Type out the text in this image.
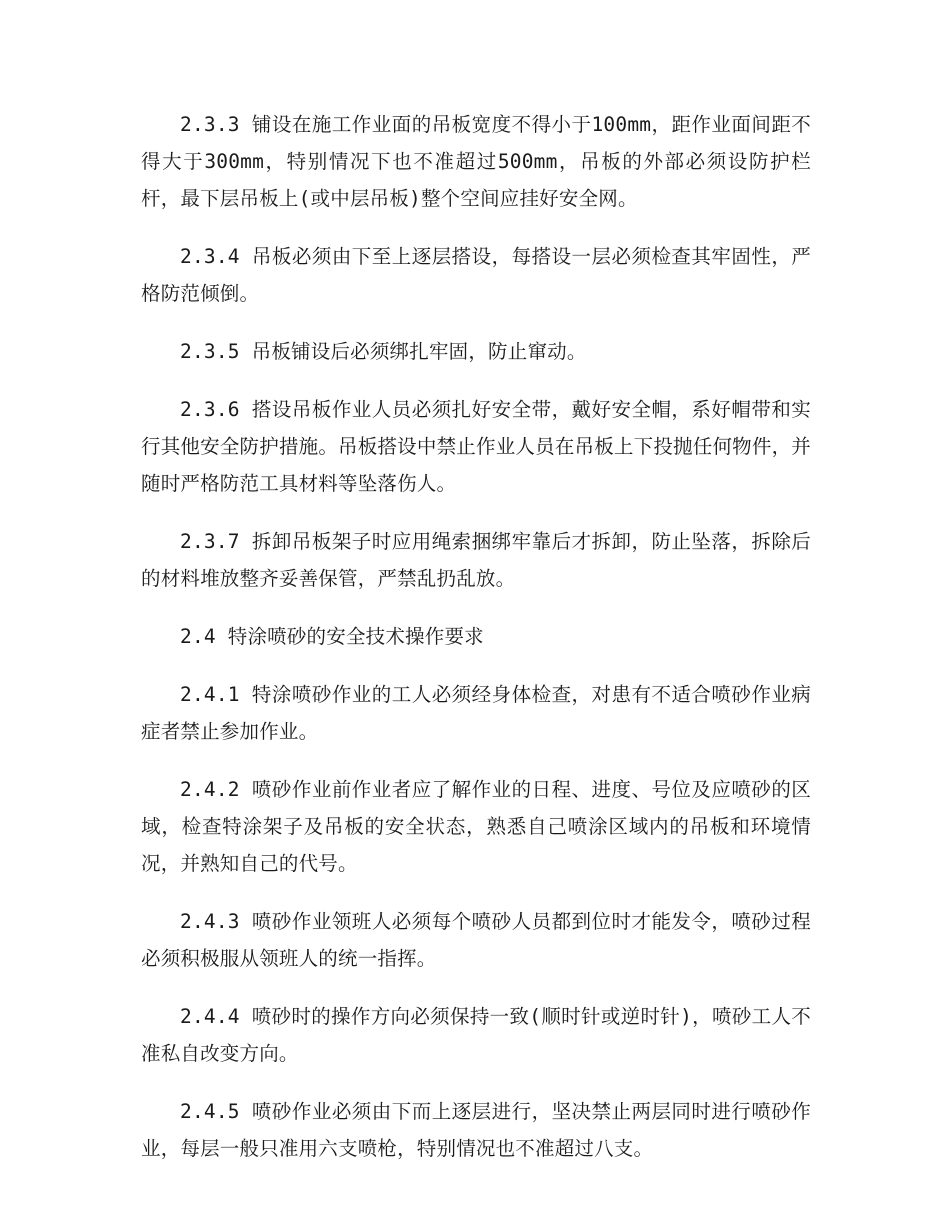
2.3.3 铺设在施工作业面的吊板宽度不得小于100mm，距作业面间距不得大于300mm，特别情况下也不准超过500mm，吊板的外部必须设防护栏杆，最下层吊板上(或中层吊板)整个空间应挂好安全网。

2.3.4 吊板必须由下至上逐层搭设，每搭设一层必须检查其牢固性，严格防范倾倒。

2.3.5 吊板铺设后必须绑扎牢固，防止窜动。

2.3.6 搭设吊板作业人员必须扎好安全带，戴好安全帽，系好帽带和实行其他安全防护措施。吊板搭设中禁止作业人员在吊板上下投抛任何物件，并随时严格防范工具材料等坠落伤人。

2.3.7 拆卸吊板架子时应用绳索捆绑牢靠后才拆卸，防止坠落，拆除后的材料堆放整齐妥善保管，严禁乱扔乱放。

2.4 特涂喷砂的安全技术操作要求

2.4.1 特涂喷砂作业的工人必须经身体检查，对患有不适合喷砂作业病症者禁止参加作业。

2.4.2 喷砂作业前作业者应了解作业的日程、进度、号位及应喷砂的区域，检查特涂架子及吊板的安全状态，熟悉自己喷涂区域内的吊板和环境情况，并熟知自己的代号。

2.4.3 喷砂作业领班人必须每个喷砂人员都到位时才能发令，喷砂过程必须积极服从领班人的统一指挥。

2.4.4 喷砂时的操作方向必须保持一致(顺时针或逆时针)，喷砂工人不准私自改变方向。

2.4.5 喷砂作业必须由下而上逐层进行，坚决禁止两层同时进行喷砂作业，每层一般只准用六支喷枪，特别情况也不准超过八支。
